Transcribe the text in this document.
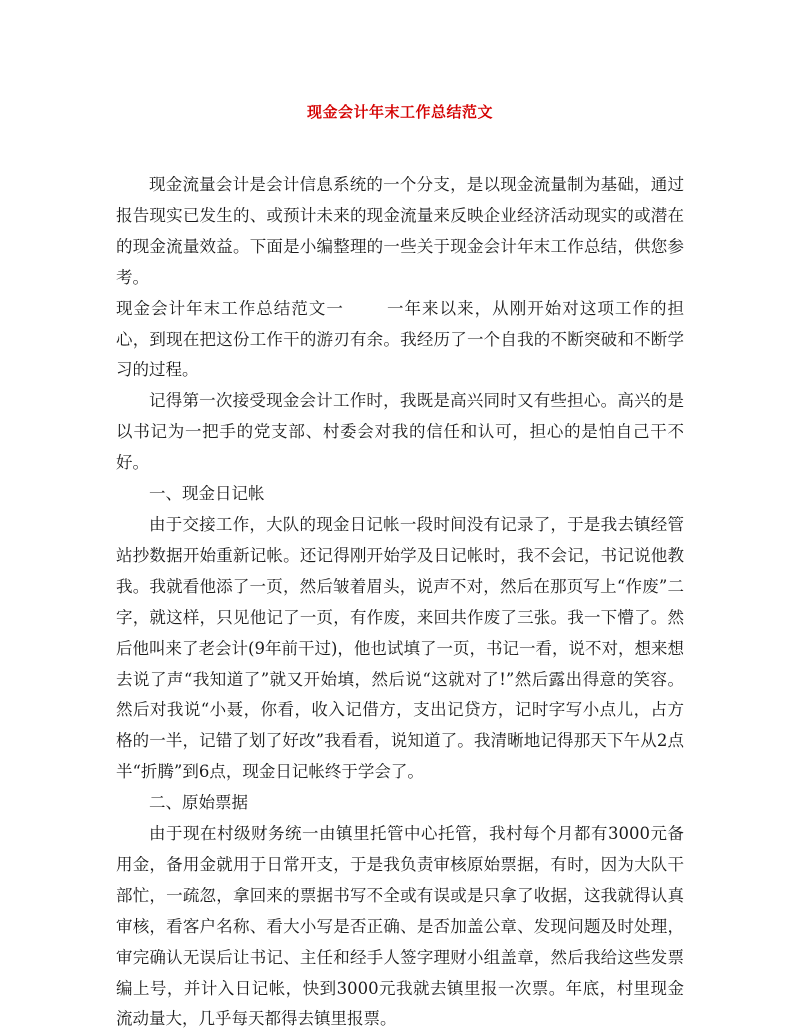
现金会计年末工作总结范文

现金流量会计是会计信息系统的一个分支，是以现金流量制为基础，通过报告现实已发生的、或预计未来的现金流量来反映企业经济活动现实的或潜在的现金流量效益。下面是小编整理的一些关于现金会计年末工作总结，供您参考。

现金会计年末工作总结范文一	一年来以来，从刚开始对这项工作的担心，到现在把这份工作干的游刃有余。我经历了一个自我的不断突破和不断学习的过程。

记得第一次接受现金会计工作时，我既是高兴同时又有些担心。高兴的是以书记为一把手的党支部、村委会对我的信任和认可，担心的是怕自己干不好。

一、现金日记帐

由于交接工作，大队的现金日记帐一段时间没有记录了，于是我去镇经管站抄数据开始重新记帐。还记得刚开始学及日记帐时，我不会记，书记说他教我。我就看他添了一页，然后皱着眉头，说声不对，然后在那页写上“作废”二字，就这样，只见他记了一页，有作废，来回共作废了三张。我一下懵了。然后他叫来了老会计(9年前干过)，他也试填了一页，书记一看，说不对，想来想去说了声“我知道了”就又开始填，然后说“这就对了!”然后露出得意的笑容。然后对我说“小聂，你看，收入记借方，支出记贷方，记时字写小点儿，占方格的一半，记错了划了好改”我看看，说知道了。我清晰地记得那天下午从2点半“折腾”到6点，现金日记帐终于学会了。

二、原始票据

由于现在村级财务统一由镇里托管中心托管，我村每个月都有3000元备用金，备用金就用于日常开支，于是我负责审核原始票据，有时，因为大队干部忙，一疏忽，拿回来的票据书写不全或有误或是只拿了收据，这我就得认真审核，看客户名称、看大小写是否正确、是否加盖公章、发现问题及时处理，审完确认无误后让书记、主任和经手人签字理财小组盖章，然后我给这些发票编上号，并计入日记帐，快到3000元我就去镇里报一次票。年底，村里现金流动量大，几乎每天都得去镇里报票。
